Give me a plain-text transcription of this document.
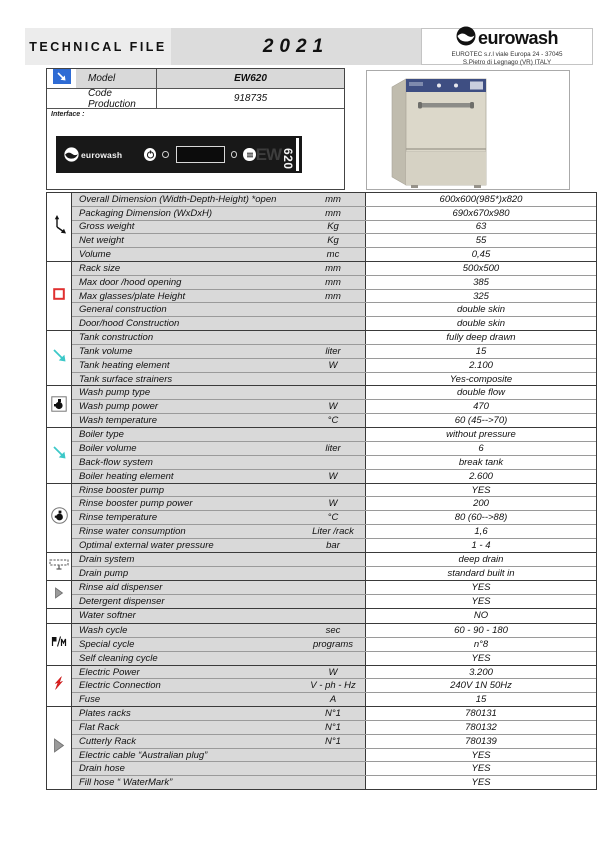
TECHNICAL FILE	2021	eurowash
EUROTEC s.r.l viale Europa 24 - 37045
S.Pietro di Legnago (VR) ITALY
Model	EW620
Code Production	918735
Interface :
eurowash	EW 620
Overall Dimension (Width-Depth-Height) *open	mm	600x600(985*)x820
Packaging Dimension (WxDxH)	mm	690x670x980
Gross weight	Kg	63
Net weight	Kg	55
Volume	mc	0,45
Rack size	mm	500x500
Max door /hood opening	mm	385
Max glasses/plate Height	mm	325
General construction	double skin
Door/hood Construction	double skin
Tank construction	fully deep drawn
Tank volume	liter	15
Tank heating element	W	2.100
Tank surface strainers	Yes-composite
Wash pump type	double flow
Wash pump power	W	470
Wash temperature	°C	60 (45-->70)
Boiler type	without pressure
Boiler volume	liter	6
Back-flow system	break tank
Boiler heating element	W	2.600
Rinse booster pump	YES
Rinse booster pump power	W	200
Rinse temperature	°C	80 (60-->88)
Rinse water consumption	Liter /rack	1,6
Optimal external water pressure	bar	1 - 4
Drain system	deep drain
Drain pump	standard built in
Rinse aid dispenser	YES
Detergent dispenser	YES
Water softner	NO
Wash cycle	sec	60 - 90 - 180
Special cycle	programs	n°8
Self cleaning cycle	YES
Electric Power	W	3.200
Electric Connection	V - ph - Hz	240V 1N 50Hz
Fuse	A	15
Plates racks	N°1	780131
Flat Rack	N°1	780132
Cutterly Rack	N°1	780139
Electric cable “Australian plug”	YES
Drain hose	YES
Fill hose “ WaterMark”	YES
